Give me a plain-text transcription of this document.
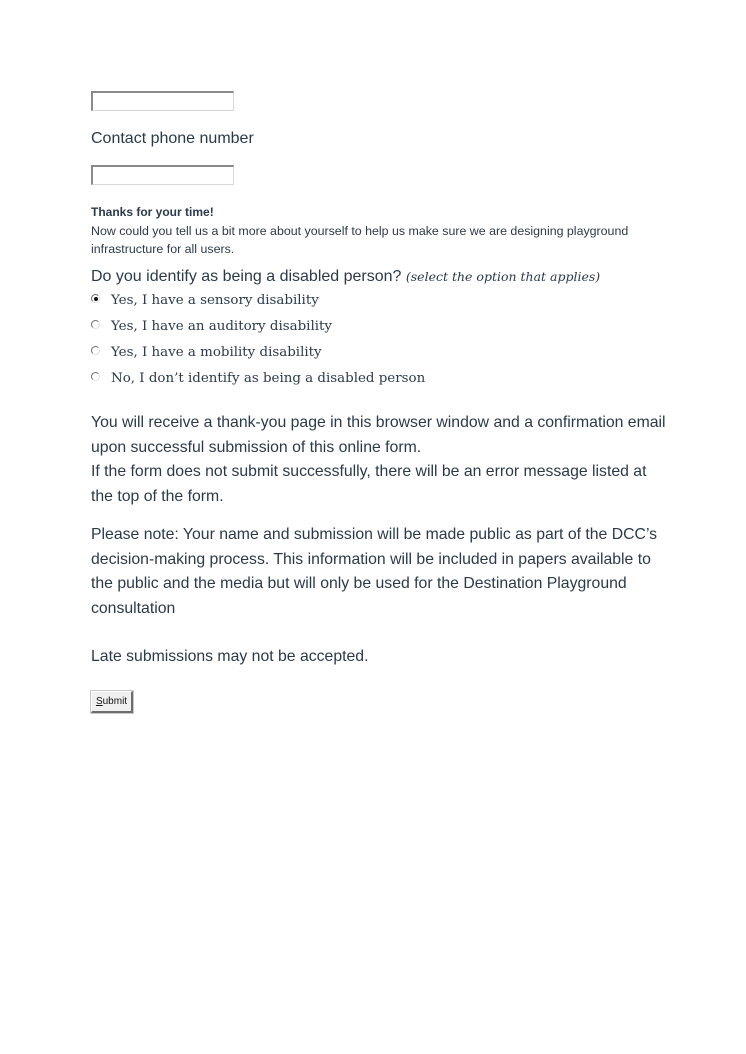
Contact phone number
Thanks for your time!
Now could you tell us a bit more about yourself to help us make sure we are designing playground infrastructure for all users.
Do you identify as being a disabled person? (select the option that applies)
Yes, I have a sensory disability
Yes, I have an auditory disability
Yes, I have a mobility disability
No, I don’t identify as being a disabled person
You will receive a thank-you page in this browser window and a confirmation email upon successful submission of this online form.
If the form does not submit successfully, there will be an error message listed at the top of the form.
Please note: Your name and submission will be made public as part of the DCC’s decision-making process. This information will be included in papers available to the public and the media but will only be used for the Destination Playground consultation
Late submissions may not be accepted.
Submit
